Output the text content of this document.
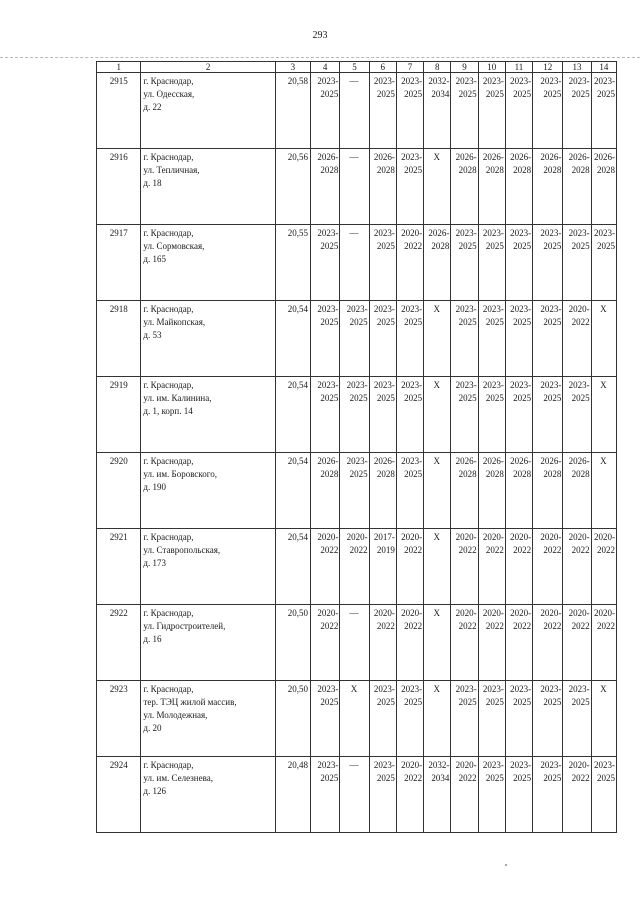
293
1	2	3	4	5	6	7	8	9	10	11	12	13	14
2915	г. Краснодар,
ул. Одесская,
д. 22	20,58	2023-
2025	—	2023-
2025	2023-
2025	2032-
2034	2023-
2025	2023-
2025	2023-
2025	2023-
2025	2023-
2025	2023-
2025

2916	г. Краснодар,
ул. Тепличная,
д. 18	20,56	2026-
2028	—	2026-
2028	2023-
2025	X	2026-
2028	2026-
2028	2026-
2028	2026-
2028	2026-
2028	2026-
2028

2917	г. Краснодар,
ул. Сормовская,
д. 165	20,55	2023-
2025	—	2023-
2025	2020-
2022	2026-
2028	2023-
2025	2023-
2025	2023-
2025	2023-
2025	2023-
2025	2023-
2025

2918	г. Краснодар,
ул. Майкопская,
д. 53	20,54	2023-
2025	2023-
2025	2023-
2025	2023-
2025	X	2023-
2025	2023-
2025	2023-
2025	2023-
2025	2020-
2022	X
2919	г. Краснодар,
ул. им. Калинина,
д. 1, корп. 14	20,54	2023-
2025	2023-
2025	2023-
2025	2023-
2025	X	2023-
2025	2023-
2025	2023-
2025	2023-
2025	2023-
2025	X
2920	г. Краснодар,
ул. им. Боровского,
д. 190	20,54	2026-
2028	2023-
2025	2026-
2028	2023-
2025	X	2026-
2028	2026-
2028	2026-
2028	2026-
2028	2026-
2028	X
2921	г. Краснодар,
ул. Ставропольская,
д. 173	20,54	2020-
2022	2020-
2022	2017-
2019	2020-
2022	X	2020-
2022	2020-
2022	2020-
2022	2020-
2022	2020-
2022	2020-
2022

2922	г. Краснодар,
ул. Гидростроителей,
д. 16	20,50	2020-
2022	—	2020-
2022	2020-
2022	X	2020-
2022	2020-
2022	2020-
2022	2020-
2022	2020-
2022	2020-
2022

2923	г. Краснодар,
тер. ТЭЦ жилой массив,
ул. Молодежная,
д. 20	20,50	2023-
2025	X	2023-
2025	2023-
2025	X	2023-
2025	2023-
2025	2023-
2025	2023-
2025	2023-
2025	X
2924	г. Краснодар,
ул. им. Селезнева,
д. 126	20,48	2023-
2025	—	2023-
2025	2020-
2022	2032-
2034	2020-
2022	2023-
2025	2023-
2025	2023-
2025	2020-
2022	2023-
2025
